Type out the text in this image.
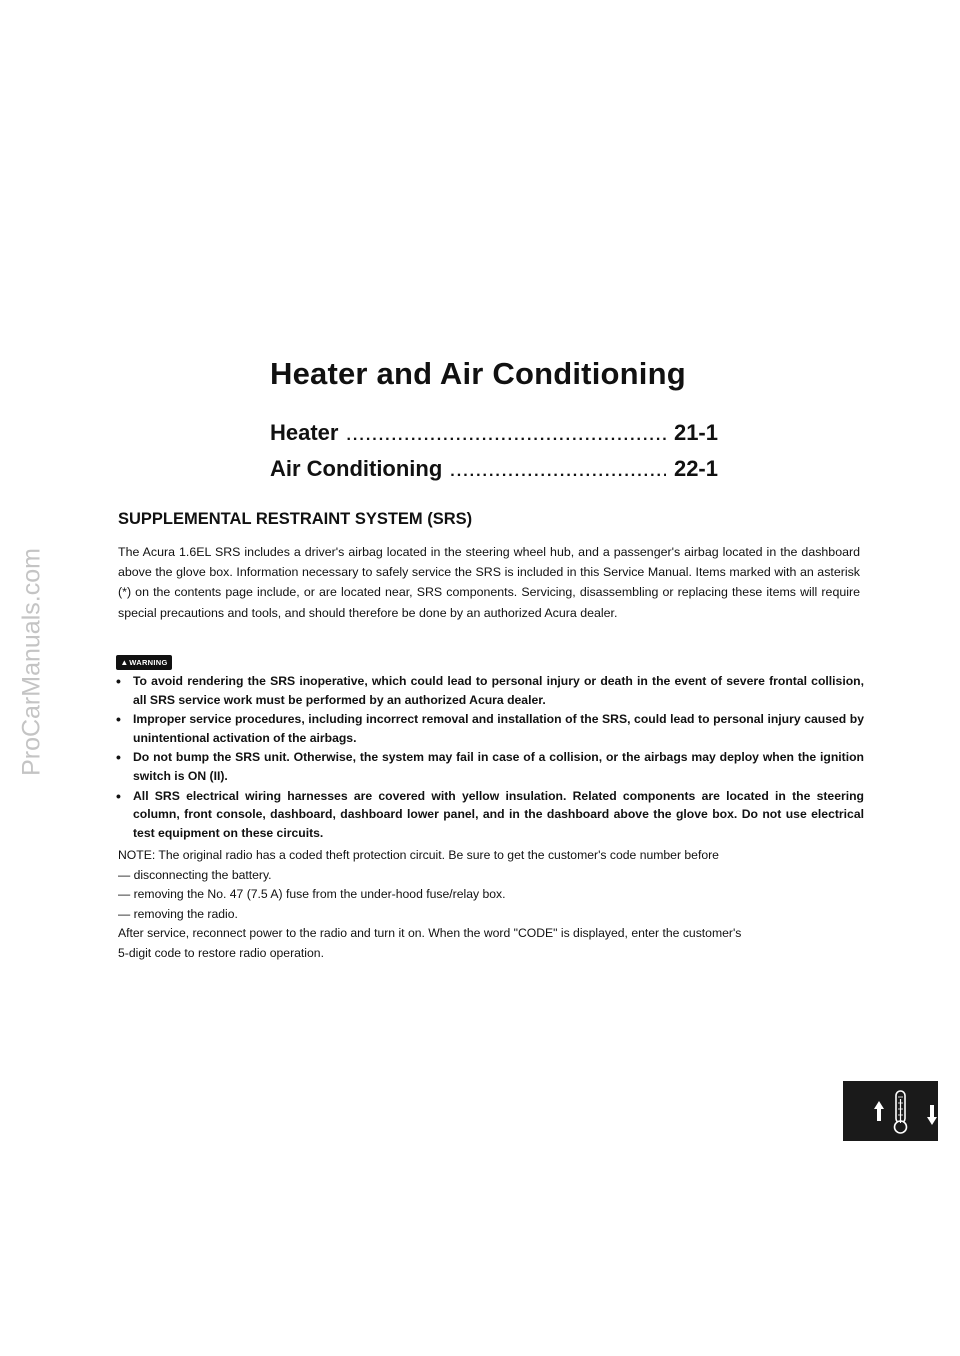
ProCarManuals.com
Heater and Air Conditioning
Heater .....	21-1
Air Conditioning .....	22-1
SUPPLEMENTAL RESTRAINT SYSTEM (SRS)

The Acura 1.6EL SRS includes a driver's airbag located in the steering wheel hub, and a passenger's airbag located in the dashboard above the glove box. Information necessary to safely service the SRS is included in this Service Manual. Items marked with an asterisk (*) on the contents page include, or are located near, SRS components. Servicing, disassembling or replacing these items will require special precautions and tools, and should therefore be done by an authorized Acura dealer.

▲ WARNING
• To avoid rendering the SRS inoperative, which could lead to personal injury or death in the event of severe frontal collision, all SRS service work must be performed by an authorized Acura dealer.
• Improper service procedures, including incorrect removal and installation of the SRS, could lead to personal injury caused by unintentional activation of the airbags.
• Do not bump the SRS unit. Otherwise, the system may fail in case of a collision, or the airbags may deploy when the ignition switch is ON (II).
• All SRS electrical wiring harnesses are covered with yellow insulation. Related components are located in the steering column, front console, dashboard, dashboard lower panel, and in the dashboard above the glove box. Do not use electrical test equipment on these circuits.

NOTE: The original radio has a coded theft protection circuit. Be sure to get the customer's code number before

— disconnecting the battery.

— removing the No. 47 (7.5 A) fuse from the under-hood fuse/relay box.

— removing the radio.

After service, reconnect power to the radio and turn it on. When the word "CODE" is displayed, enter the customer's

5-digit code to restore radio operation.
